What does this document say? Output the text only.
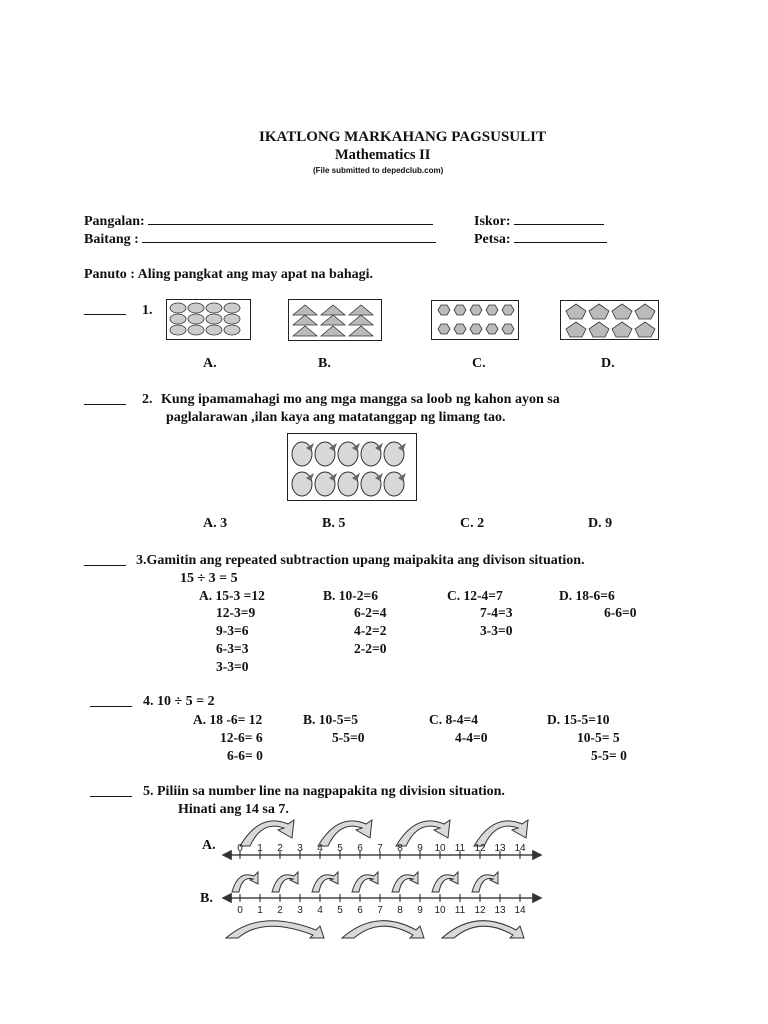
IKATLONG MARKAHANG PAGSUSULIT
Mathematics II
(File submitted to depedclub.com)
Pangalan:
Baitang :
Iskor:
Petsa:
Panuto : Aling pangkat ang may apat na bahagi.
______ 1.
A.	B.	C.	D.
______ 2. Kung ipamamahagi mo ang mga mangga sa loob ng kahon ayon sa
paglalarawan ,ilan kaya ang matatanggap ng limang tao.
A. 3	B. 5	C. 2	D. 9
______ 3.Gamitin ang repeated subtraction upang maipakita ang divison situation.
15 ÷ 3 = 5
A. 15-3 =12
12-3=9
9-3=6
6-3=3
3-3=0
B. 10-2=6
6-2=4
4-2=2
2-2=0
C. 12-4=7
7-4=3
3-3=0
D. 18-6=6
6-6=0
______ 4. 10 ÷ 5 = 2
A. 18 -6= 12
12-6= 6
6-6= 0
B. 10-5=5
5-5=0
C. 8-4=4
4-4=0
D. 15-5=10
10-5= 5
5-5= 0
______ 5. Piliin sa number line na nagpapakita ng division situation.
Hinati ang 14 sa 7.
A.
B.
0 1 2 3 4 5 6 7 8 9 10 11 12 13 14
0 1 2 3 4 5 6 7 8 9 10 11 12 13 14
